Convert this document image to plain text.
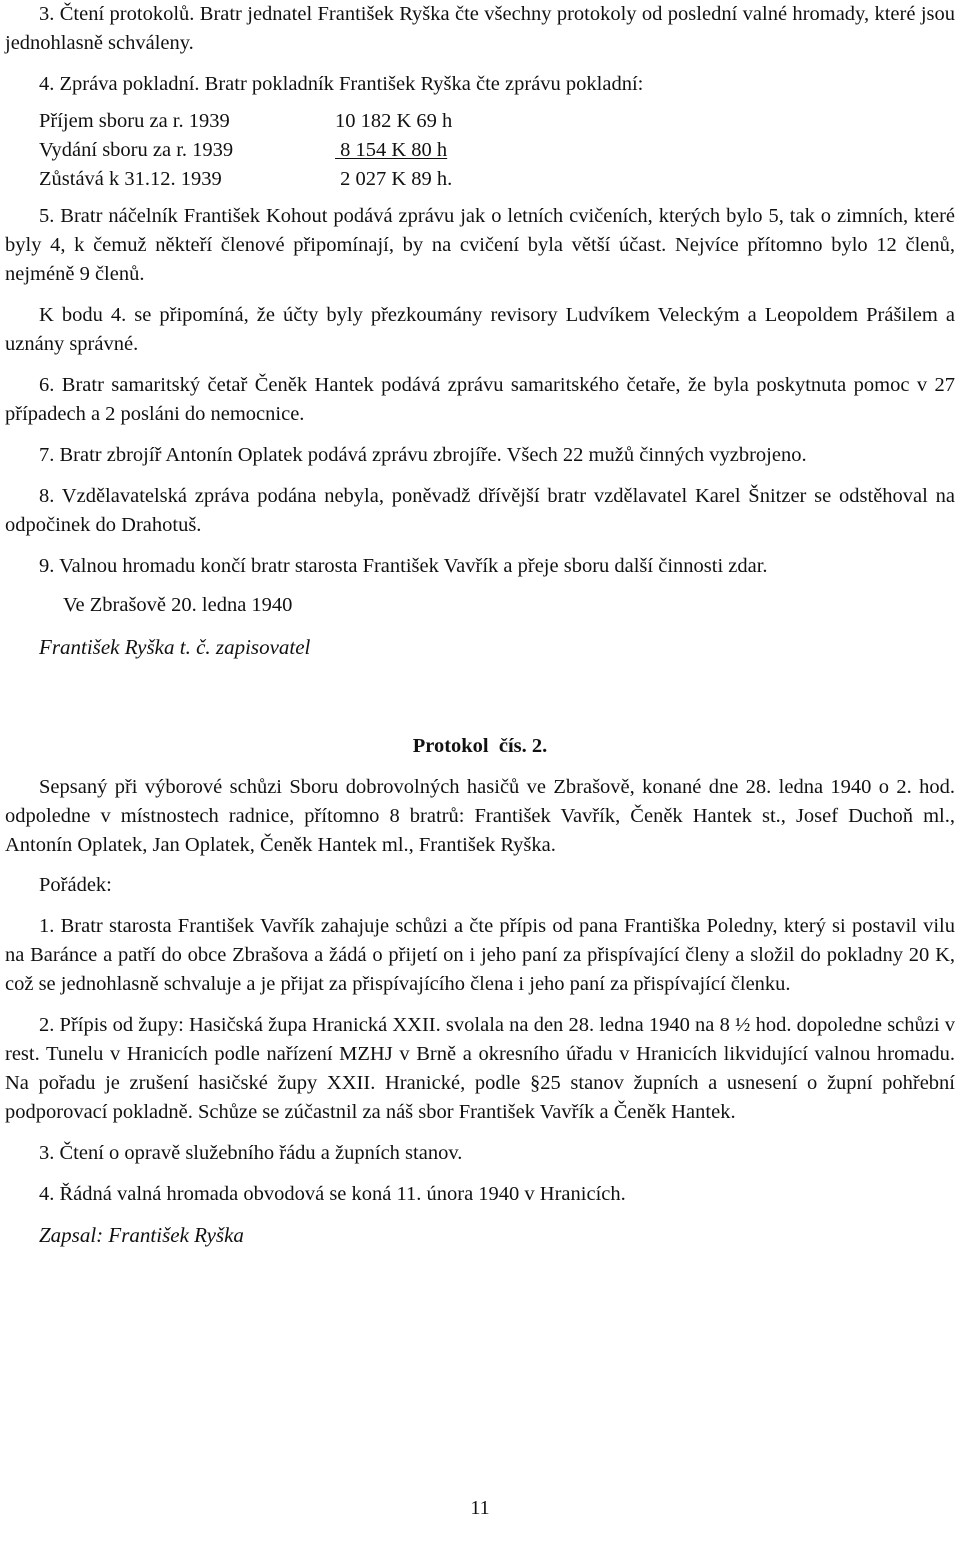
3. Čtení protokolů. Bratr jednatel František Ryška čte všechny protokoly od poslední valné hromady, které jsou jednohlasně schváleny.

4. Zpráva pokladní. Bratr pokladník František Ryška čte zprávu pokladní:

Příjem sboru za r. 1939	10 182 K 69 h
Vydání sboru za r. 1939	8 154 K 80 h
Zůstává k 31.12. 1939	2 027 K 89 h.

5. Bratr náčelník František Kohout podává zprávu jak o letních cvičeních, kterých bylo 5, tak o zimních, které byly 4, k čemuž někteří členové připomínají, by na cvičení byla větší účast. Nejvíce přítomno bylo 12 členů, nejméně 9 členů.

K bodu 4. se připomíná, že účty byly přezkoumány revisory Ludvíkem Veleckým a Leopoldem Prášilem a uznány správné.

6. Bratr samaritský četař Čeněk Hantek podává zprávu samaritského četaře, že byla poskytnuta pomoc v 27 případech a 2 posláni do nemocnice.

7. Bratr zbrojíř Antonín Oplatek podává zprávu zbrojíře. Všech 22 mužů činných vyzbrojeno.

8. Vzdělavatelská zpráva podána nebyla, poněvadž dřívější bratr vzdělavatel Karel Šnitzer se odstěhoval na odpočinek do Drahotuš.

9. Valnou hromadu končí bratr starosta František Vavřík a přeje sboru další činnosti zdar.

Ve Zbrašově 20. ledna 1940
František Ryška t. č. zapisovatel
Protokol  čís. 2.

Sepsaný při výborové schůzi Sboru dobrovolných hasičů ve Zbrašově, konané dne 28. ledna 1940 o 2. hod. odpoledne v místnostech radnice, přítomno 8 bratrů: František Vavřík, Čeněk Hantek st., Josef Duchoň ml., Antonín Oplatek, Jan Oplatek, Čeněk Hantek ml., František Ryška.

Pořádek:

1. Bratr starosta František Vavřík zahajuje schůzi a čte přípis od pana Františka Poledny, který si postavil vilu na Baránce a patří do obce Zbrašova a žádá o přijetí on i jeho paní za přispívající členy a složil do pokladny 20 K, což se jednohlasně schvaluje a je přijat za přispívajícího člena i jeho paní za přispívající členku.

2. Přípis od župy: Hasičská župa Hranická XXII. svolala na den 28. ledna 1940 na 8 ½ hod. dopoledne schůzi v rest. Tunelu v Hranicích podle nařízení MZHJ v Brně a okresního úřadu v Hranicích likvidující valnou hromadu. Na pořadu je zrušení hasičské župy XXII. Hranické, podle §25 stanov župních a usnesení o župní pohřební podporovací pokladně. Schůze se zúčastnil za náš sbor František Vavřík a Čeněk Hantek.

3. Čtení o opravě služebního řádu a župních stanov.

4. Řádná valná hromada obvodová se koná 11. února 1940 v Hranicích.

Zapsal: František Ryška
11
